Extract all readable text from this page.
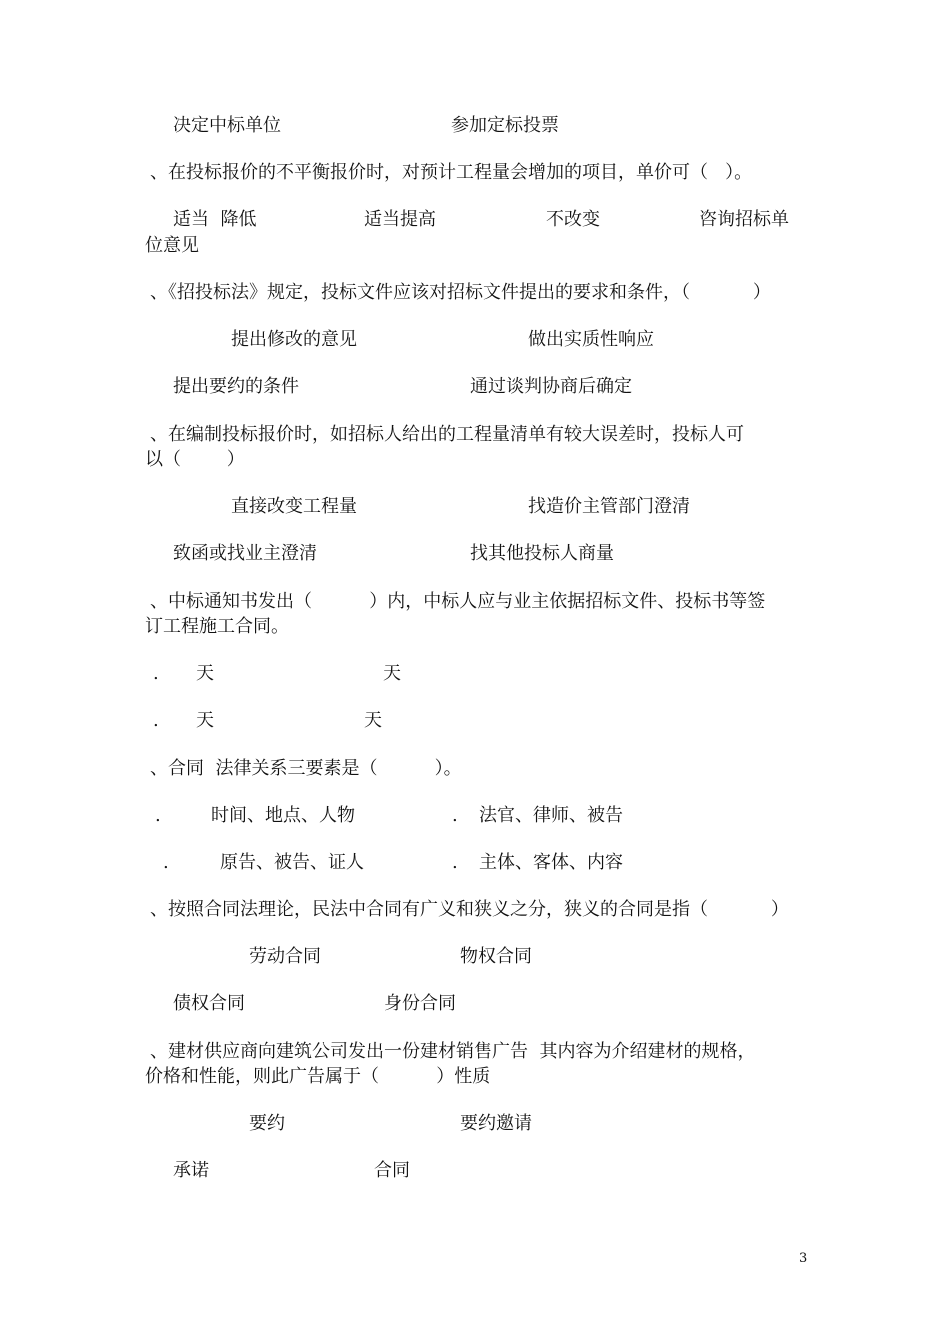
决定中标单位	参加定标投票
、在投标报价的不平衡报价时，对预计工程量会增加的项目，单价可（   ）。
适当  降低	适当提高	不改变	咨询招标单
位意见
、《招投标法》规定，投标文件应该对招标文件提出的要求和条件，（           ）
提出修改的意见	做出实质性响应
提出要约的条件	通过谈判协商后确定
、在编制投标报价时，如招标人给出的工程量清单有较大误差时，投标人可
以（        ）
直接改变工程量	找造价主管部门澄清
致函或找业主澄清	找其他投标人商量
、中标通知书发出（          ）内，中标人应与业主依据招标文件、投标书等签
订工程施工合同。
. 天	天
. 天	天
、合同  法律关系三要素是（          ）。
.	时间、地点、人物	. 法官、律师、被告
.	原告、被告、证人	. 主体、客体、内容
、按照合同法理论，民法中合同有广义和狭义之分，狭义的合同是指（           ）
劳动合同	物权合同
债权合同	身份合同
、建材供应商向建筑公司发出一份建材销售广告  其内容为介绍建材的规格，
价格和性能，则此广告属于（          ）性质
要约	要约邀请
承诺	合同
3
